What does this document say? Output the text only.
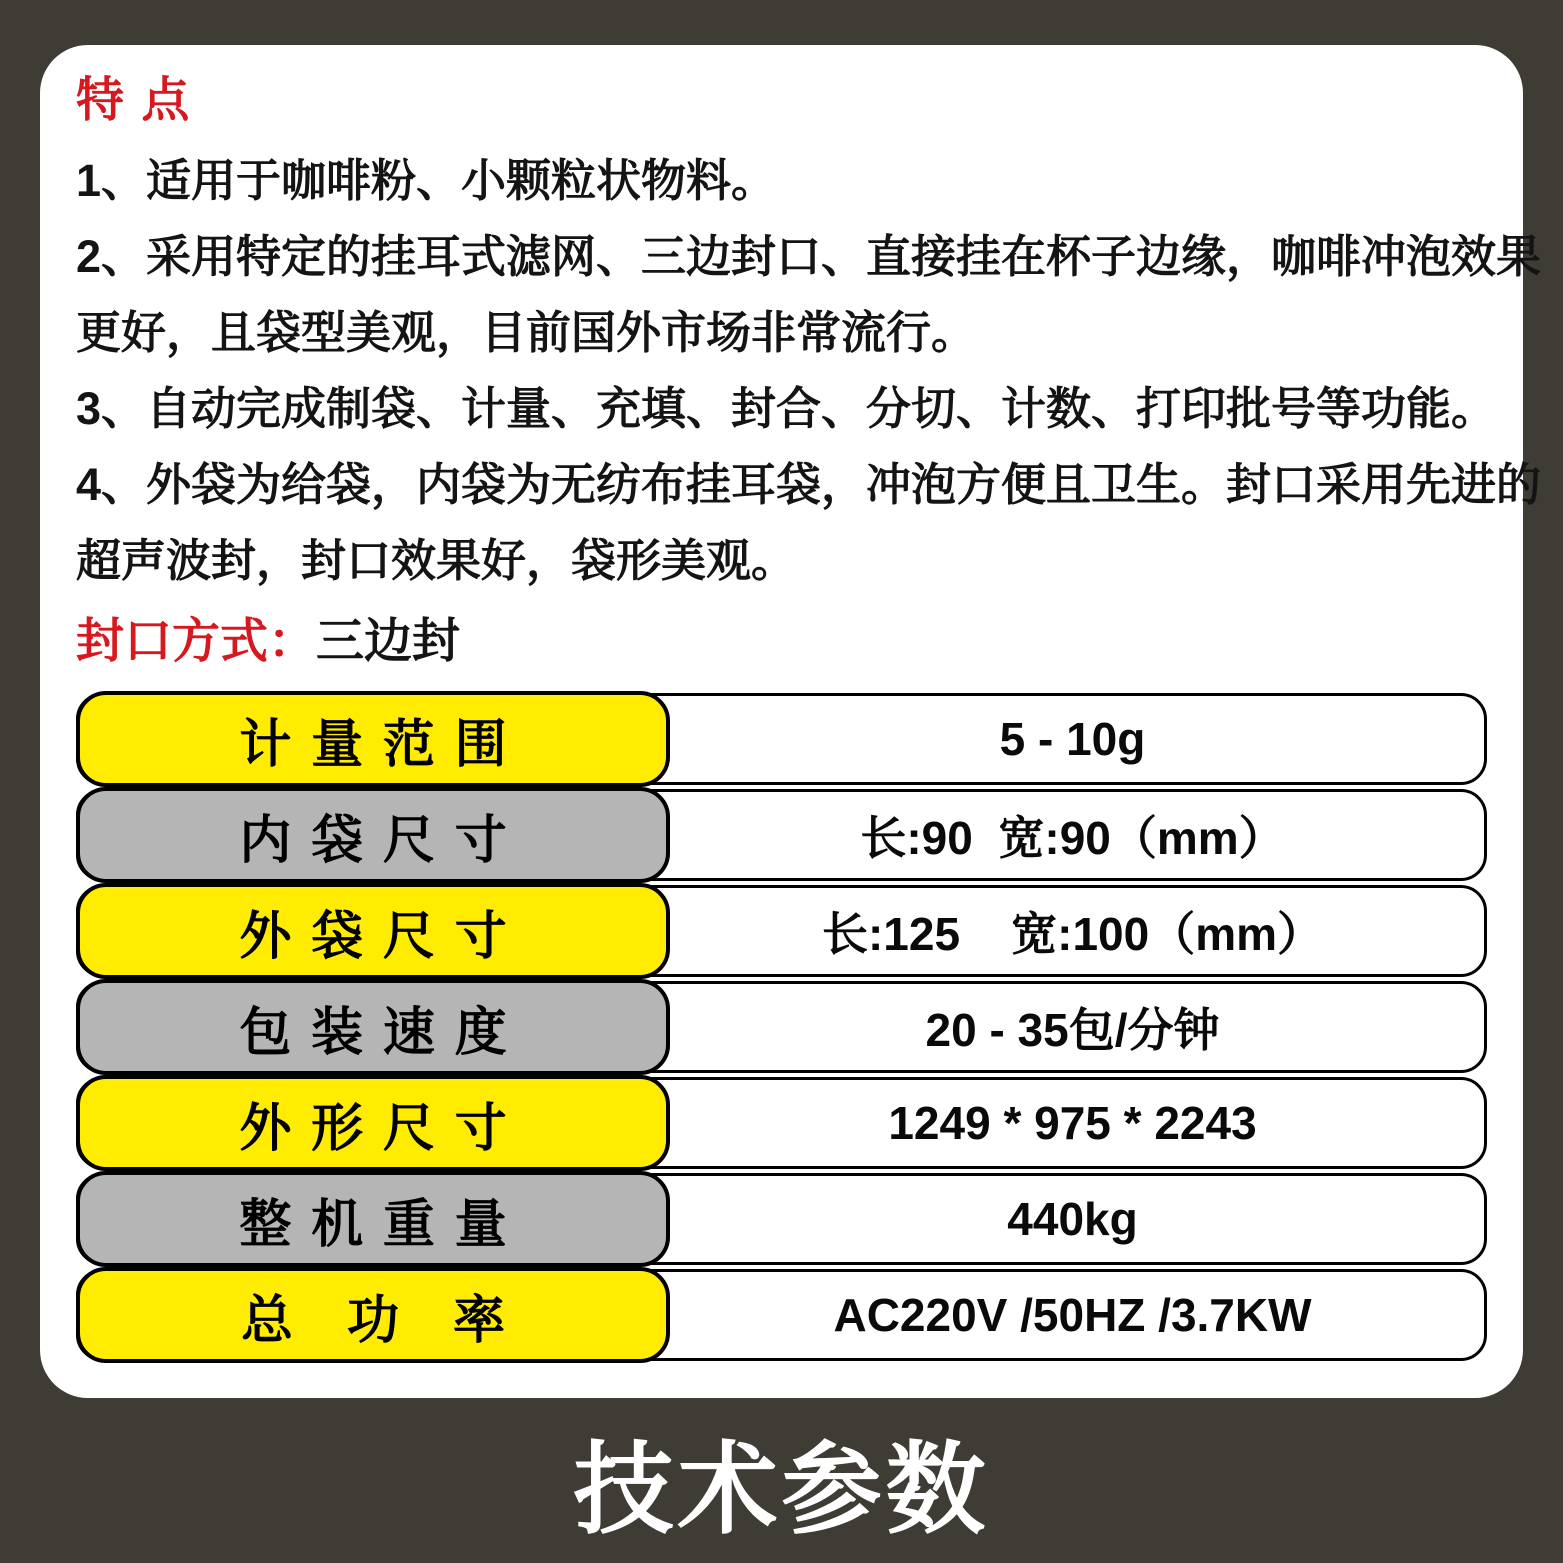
特 点
1、适用于咖啡粉、小颗粒状物料。
2、采用特定的挂耳式滤网、三边封口、直接挂在杯子边缘，咖啡冲泡效果
更好，且袋型美观，目前国外市场非常流行。
3、自动完成制袋、计量、充填、封合、分切、计数、打印批号等功能。
4、外袋为给袋，内袋为无纺布挂耳袋，冲泡方便且卫生。封口采用先进的
超声波封，封口效果好，袋形美观。
封口方式：三边封
计量范围	5 - 10g
内袋尺寸	长:90  宽:90（mm）
外袋尺寸	长:125    宽:100（mm）
包装速度	20 - 35包/分钟
外形尺寸	1249 * 975 * 2243
整机重量	440kg
总 功 率	AC220V /50HZ /3.7KW
技术参数
